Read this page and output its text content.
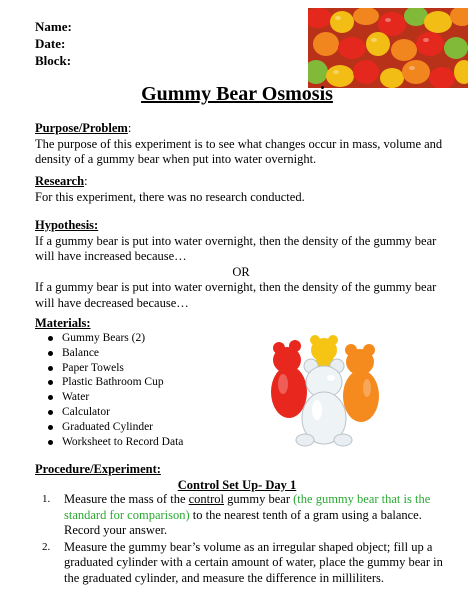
Name:
Date:
Block:
Gummy Bear Osmosis
Purpose/Problem:
The purpose of this experiment is to see what changes occur in mass, volume and density of a gummy bear when put into water overnight.
Research:
For this experiment, there was no research conducted.
Hypothesis:
If a gummy bear is put into water overnight, then the density of the gummy bear will have increased because…
OR
If a gummy bear is put into water overnight, then the density of the gummy bear will have decreased because…
Materials:
Gummy Bears (2)
Balance
Paper Towels
Plastic Bathroom Cup
Water
Calculator
Graduated Cylinder
Worksheet to Record Data
Procedure/Experiment:
Control Set Up- Day 1
1. Measure the mass of the control gummy bear (the gummy bear that is the standard for comparison) to the nearest tenth of a gram using a balance. Record your answer.
2. Measure the gummy bear’s volume as an irregular shaped object; fill up a graduated cylinder with a certain amount of water, place the gummy bear in the graduated cylinder, and measure the difference in milliliters.
